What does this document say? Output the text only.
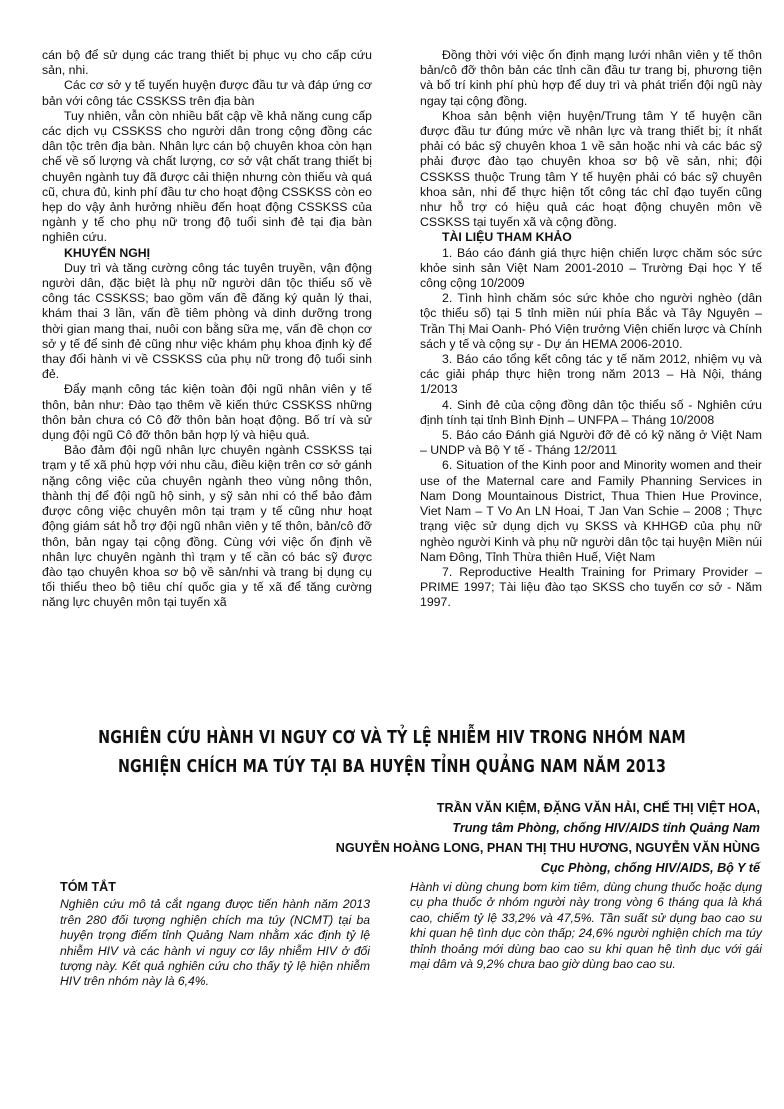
cán bộ để sử dụng các trang thiết bị phục vụ cho cấp cứu sản, nhi.

Các cơ sở y tế tuyến huyện được đầu tư và đáp ứng cơ bản với công tác CSSKSS trên địa bàn

Tuy nhiên, vẫn còn nhiều bất cập về khả năng cung cấp các dịch vụ CSSKSS cho người dân trong cộng đồng các dân tộc trên địa bàn. Nhân lực cán bộ chuyên khoa còn hạn chế về số lượng và chất lượng, cơ sở vật chất trang thiết bị chuyên ngành tuy đã được cải thiện nhưng còn thiếu và quá cũ, chưa đủ, kinh phí đầu tư cho hoạt động CSSKSS còn eo hẹp do vậy ảnh hưởng nhiều đến hoạt động CSSKSS của ngành y tế cho phụ nữ trong độ tuổi sinh đẻ tại địa bàn nghiên cứu.

KHUYẾN NGHỊ

Duy trì và tăng cường công tác tuyên truyền, vận động người dân, đặc biệt là phụ nữ người dân tộc thiểu số về công tác CSSKSS; bao gồm vấn đề đăng ký quản lý thai, khám thai 3 lần, vấn đề tiêm phòng và dinh dưỡng trong thời gian mang thai, nuôi con bằng sữa mẹ, vấn đề chọn cơ sở y tế để sinh đẻ cũng như việc khám phụ khoa định kỳ để thay đổi hành vi về CSSKSS của phụ nữ trong độ tuổi sinh đẻ.

Đẩy mạnh công tác kiện toàn đội ngũ nhân viên y tế thôn, bản như: Đào tạo thêm về kiến thức CSSKSS những thôn bản chưa có Cô đỡ thôn bản hoạt động. Bố trí và sử dụng đội ngũ Cô đỡ thôn bản hợp lý và hiệu quả.

Bảo đảm đội ngũ nhân lực chuyên ngành CSSKSS tại trạm y tế xã phù hợp với nhu cầu, điều kiện trên cơ sở gánh nặng công việc của chuyên ngành theo vùng nông thôn, thành thị để đội ngũ hộ sinh, y sỹ sản nhi có thể bảo đảm được công việc chuyên môn tại trạm y tế cũng như hoạt động giám sát hỗ trợ đội ngũ nhân viên y tế thôn, bản/cô đỡ thôn, bản ngay tại cộng đồng. Cùng với việc ổn định về nhân lực chuyên ngành thì trạm y tế cần có bác sỹ được đào tạo chuyên khoa sơ bộ về sản/nhi và trang bị dụng cụ tối thiểu theo bộ tiêu chí quốc gia y tế xã để tăng cường năng lực chuyên môn tại tuyến xã

Đồng thời với việc ổn định mạng lưới nhân viên y tế thôn bản/cô đỡ thôn bản các tỉnh cần đầu tư trang bị, phương tiện và bố trí kinh phí phù hợp để duy trì và phát triển đội ngũ này ngay tại cộng đồng.

Khoa sản bệnh viện huyện/Trung tâm Y tế huyện cần được đầu tư đúng mức về nhân lực và trang thiết bị; ít nhất phải có bác sỹ chuyên khoa 1 về sản hoặc nhi và các bác sỹ phải được đào tạo chuyên khoa sơ bộ về sản, nhi; đội CSSKSS thuộc Trung tâm Y tế huyện phải có bác sỹ chuyên khoa sản, nhi để thực hiện tốt công tác chỉ đạo tuyến cũng như hỗ trợ có hiệu quả các hoạt động chuyên môn về CSSKSS tại tuyến xã và cộng đồng.

TÀI LIỆU THAM KHẢO

1. Báo cáo đánh giá thực hiện chiến lược chăm sóc sức khỏe sinh sản Việt Nam 2001-2010 – Trường Đại học Y tế công cộng 10/2009

2. Tình hình chăm sóc sức khỏe cho người nghèo (dân tộc thiểu số) tại 5 tỉnh miền núi phía Bắc và Tây Nguyên – Trần Thị Mai Oanh- Phó Viện trưởng Viện chiến lược và Chính sách y tế và cộng sự - Dự án HEMA 2006-2010.

3. Báo cáo tổng kết công tác y tế năm 2012, nhiệm vụ và các giải pháp thực hiện trong năm 2013 – Hà Nội, tháng 1/2013

4. Sinh đẻ của cộng đồng dân tộc thiểu số - Nghiên cứu định tính tại tỉnh Bình Định – UNFPA – Tháng 10/2008

5. Báo cáo Đánh giá Người đỡ đẻ có kỹ năng ở Việt Nam – UNDP và Bộ Y tế - Tháng 12/2011

6. Situation of the Kinh poor and Minority women and their use of the Maternal care and Family Phanning Services in Nam Dong Mountainous District, Thua Thien Hue Province, Viet Nam – T Vo An LN Hoai, T Jan Van Schie – 2008 ; Thực trạng việc sử dụng dịch vụ SKSS và KHHGĐ của phụ nữ nghèo người Kinh và phụ nữ người dân tộc tại huyện Miền núi Nam Đông, Tỉnh Thừa thiên Huế, Việt Nam

7. Reproductive Health Training for Primary Provider – PRIME 1997; Tài liệu đào tạo SKSS cho tuyến cơ sở - Năm 1997.

NGHIÊN CỨU HÀNH VI NGUY CƠ VÀ TỶ LỆ NHIỄM HIV TRONG NHÓM NAM
NGHIỆN CHÍCH MA TÚY TẠI BA HUYỆN TỈNH QUẢNG NAM NĂM 2013
TRẦN VĂN KIỆM, ĐẶNG VĂN HẢI, CHẾ THỊ VIỆT HOA,
Trung tâm Phòng, chống HIV/AIDS tỉnh Quảng Nam
NGUYỄN HOÀNG LONG, PHAN THỊ THU HƯƠNG, NGUYỄN VĂN HÙNG
Cục Phòng, chống HIV/AIDS, Bộ Y tế
TÓM TẮT

Nghiên cứu mô tả cắt ngang được tiến hành năm 2013 trên 280 đối tượng nghiện chích ma túy (NCMT) tại ba huyện trọng điểm tỉnh Quảng Nam nhằm xác định tỷ lệ nhiễm HIV và các hành vi nguy cơ lây nhiễm HIV ở đối tượng này. Kết quả nghiên cứu cho thấy tỷ lệ hiện nhiễm HIV trên nhóm này là 6,4%.

Hành vi dùng chung bơm kim tiêm, dùng chung thuốc hoặc dụng cụ pha thuốc ở nhóm người này trong vòng 6 tháng qua là khá cao, chiếm tỷ lệ 33,2% và 47,5%. Tần suất sử dụng bao cao su khi quan hệ tình dục còn thấp; 24,6% người nghiện chích ma túy thỉnh thoảng mới dùng bao cao su khi quan hệ tình dục với gái mại dâm và 9,2% chưa bao giờ dùng bao cao su.
